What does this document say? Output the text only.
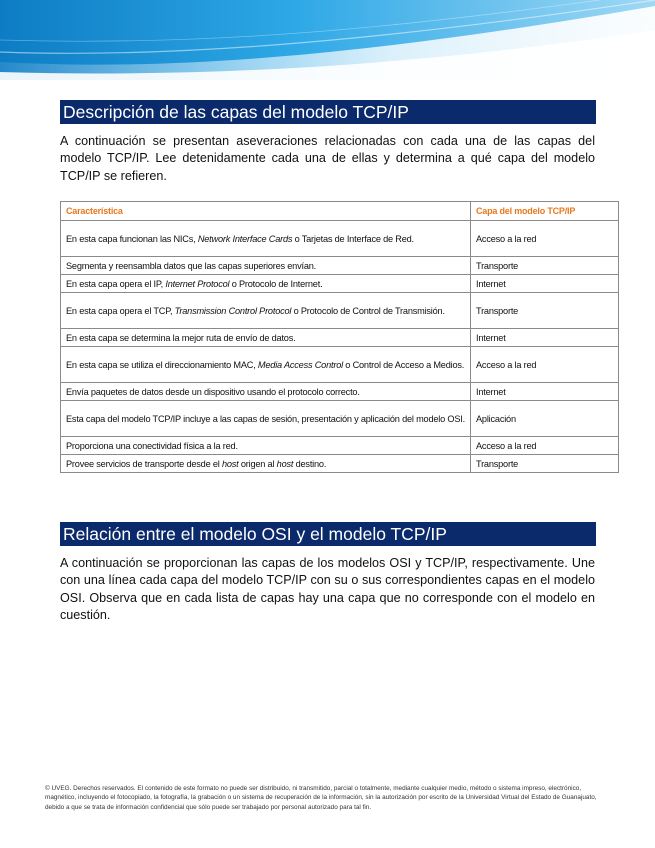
Descripción de las capas del modelo TCP/IP

A continuación se presentan aseveraciones relacionadas con cada una de las capas del modelo TCP/IP. Lee detenidamente cada una de ellas y determina a qué capa del modelo TCP/IP se refieren.

Característica	Capa del modelo TCP/IP
En esta capa funcionan las NICs, Network Interface Cards o Tarjetas de Interface de Red.	Acceso a la red
Segmenta y reensambla datos que las capas superiores envían.	Transporte
En esta capa opera el IP, Internet Protocol o Protocolo de Internet.	Internet
En esta capa opera el TCP, Transmission Control Protocol o Protocolo de Control de Transmisión.	Transporte
En esta capa se determina la mejor ruta de envío de datos.	Internet
En esta capa se utiliza el direccionamiento MAC, Media Access Control o Control de Acceso a Medios.	Acceso a la red
Envía paquetes de datos desde un dispositivo usando el protocolo correcto.	Internet
Esta capa del modelo TCP/IP incluye a las capas de sesión, presentación y aplicación del modelo OSI.	Aplicación
Proporciona una conectividad física a la red.	Acceso a la red
Provee servicios de transporte desde el host origen al host destino.	Transporte
Relación entre el modelo OSI y el modelo TCP/IP

A continuación se proporcionan las capas de los modelos OSI y TCP/IP, respectivamente. Une con una línea cada capa del modelo TCP/IP con su o sus correspondientes capas en el modelo OSI. Observa que en cada lista de capas hay una capa que no corresponde con el modelo en cuestión.

© UVEG. Derechos reservados. El contenido de este formato no puede ser distribuido, ni transmitido, parcial o totalmente, mediante cualquier medio, método o sistema impreso, electrónico, magnético, incluyendo el fotocopiado, la fotografía, la grabación o un sistema de recuperación de la información, sin la autorización por escrito de la Universidad Virtual del Estado de Guanajuato, debido a que se trata de información confidencial que sólo puede ser trabajado por personal autorizado para tal fin.
